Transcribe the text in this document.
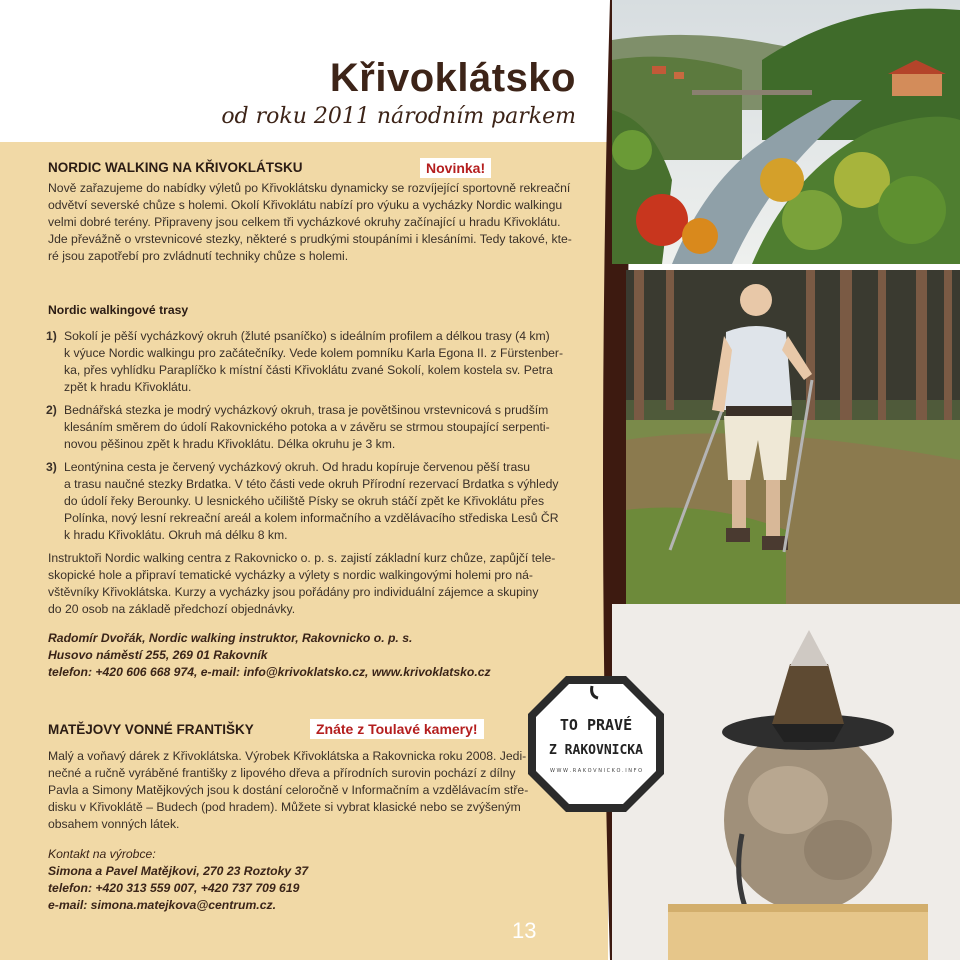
Křivoklátsko
od roku 2011 národním parkem
NORDIC WALKING NA KŘIVOKLÁTSKU	Novinka!
Nově zařazujeme do nabídky výletů po Křivoklátsku dynamicky se rozvíjející sportovně rekreační
odvětví severské chůze s holemi. Okolí Křivoklátu nabízí pro výuku a vycházky Nordic walkingu
velmi dobré terény. Připraveny jsou celkem tři vycházkové okruhy začínající u hradu Křivoklátu.
Jde převážně o vrstevnicové stezky, některé s prudkými stoupáními i klesáními. Tedy takové, kte-
ré jsou zapotřebí pro zvládnutí techniky chůze s holemi.
Nordic walkingové trasy
1) Sokolí je pěší vycházkový okruh (žluté psaníčko) s ideálním profilem a délkou trasy (4 km)
k výuce Nordic walkingu pro začátečníky. Vede kolem pomníku Karla Egona II. z Fürstenber-
ka, přes vyhlídku Paraplíčko k místní části Křivoklátu zvané Sokolí, kolem kostela sv. Petra
zpět k hradu Křivoklátu.
2) Bednářská stezka je modrý vycházkový okruh, trasa je povětšinou vrstevnicová s prudším
klesáním směrem do údolí Rakovnického potoka a v závěru se strmou stoupající serpenti-
novou pěšinou zpět k hradu Křivoklátu. Délka okruhu je 3 km.
3) Leontýnina cesta je červený vycházkový okruh. Od hradu kopíruje červenou pěší trasu
a trasu naučné stezky Brdatka. V této části vede okruh Přírodní rezervací Brdatka s výhledy
do údolí řeky Berounky. U lesnického učiliště Písky se okruh stáčí zpět ke Křivoklátu přes
Polínka, nový lesní rekreační areál a kolem informačního a vzdělávacího střediska Lesů ČR
k hradu Křivoklátu. Okruh má délku 8 km.
Instruktoři Nordic walking centra z Rakovnicko o. p. s. zajistí základní kurz chůze, zapůjčí tele-
skopické hole a připraví tematické vycházky a výlety s nordic walkingovými holemi pro ná-
vštěvníky Křivoklátska. Kurzy a vycházky jsou pořádány pro individuální zájemce a skupiny
do 20 osob na základě předchozí objednávky.
Radomír Dvořák, Nordic walking instruktor, Rakovnicko o. p. s.
Husovo náměstí 255, 269 01 Rakovník
telefon: +420 606 668 974, e-mail: info@krivoklatsko.cz, www.krivoklatsko.cz
MATĚJOVY VONNÉ FRANTIŠKY	Znáte z Toulavé kamery!
Malý a voňavý dárek z Křivoklátska. Výrobek Křivoklátska a Rakovnicka roku 2008. Jedi-
nečné a ručně vyráběné františky z lipového dřeva a přírodních surovin pochází z dílny
Pavla a Simony Matějkových jsou k dostání celoročně v Informačním a vzdělávacím stře-
disku v Křivoklátě – Budech (pod hradem). Můžete si vybrat klasické nebo se zvýšeným
obsahem vonných látek.
Kontakt na výrobce:
Simona a Pavel Matějkovi, 270 23 Roztoky 37
telefon: +420 313 559 007, +420 737 709 619
e-mail: simona.matejkova@centrum.cz.
TO PRAVÉ
Z RAKOVNICKA
W W W . R A K O V N I C K O . I N F O
13
